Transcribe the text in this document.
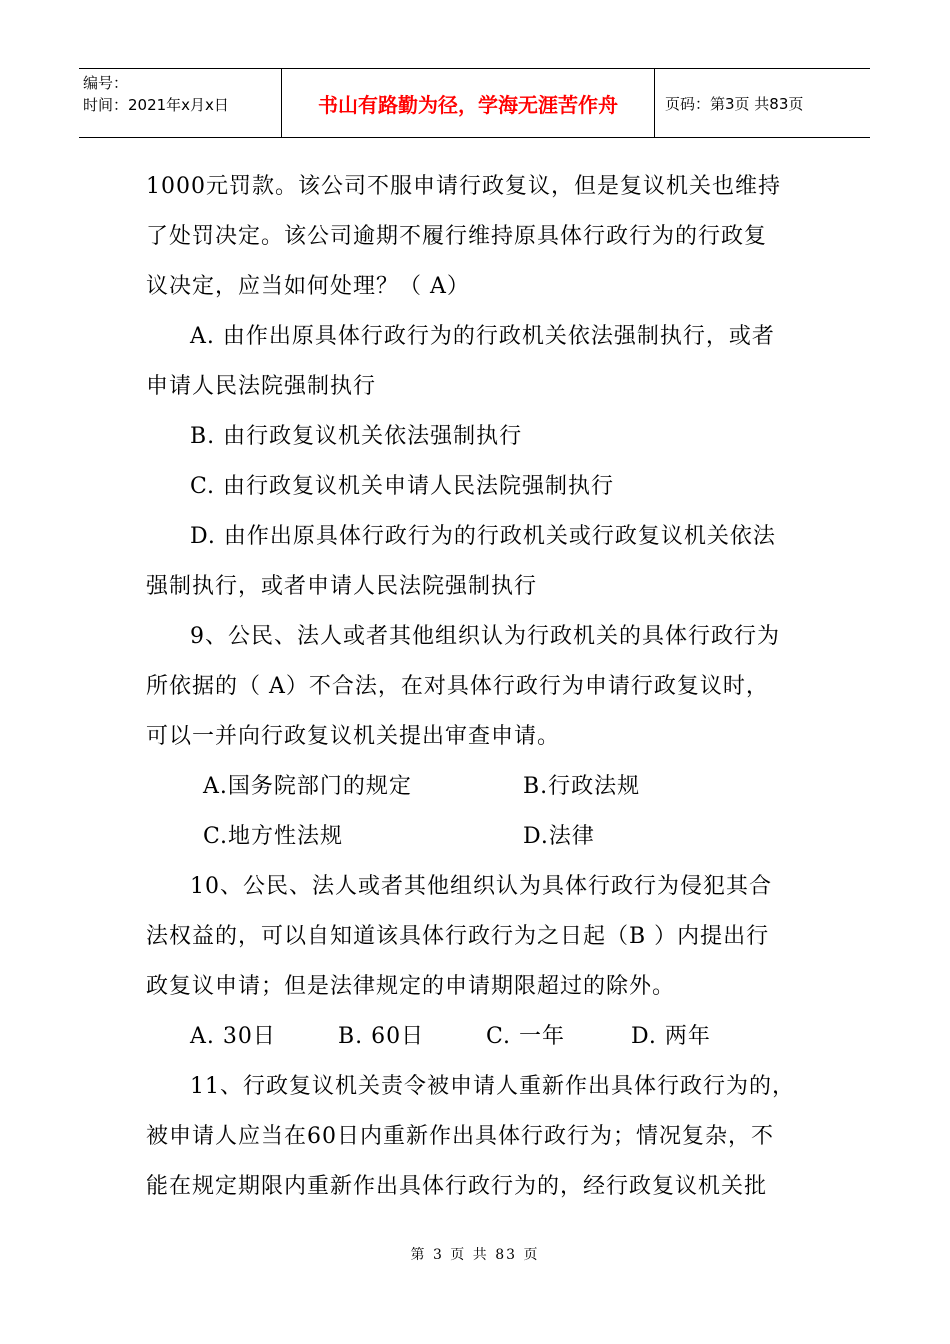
编号：
时间：2021年x月x日	书山有路勤为径，学海无涯苦作舟	页码：第3页 共83页
1000元罚款。该公司不服申请行政复议，但是复议机关也维持
了处罚决定。该公司逾期不履行维持原具体行政行为的行政复
议决定，应当如何处理？（ A）
A. 由作出原具体行政行为的行政机关依法强制执行，或者
申请人民法院强制执行
B. 由行政复议机关依法强制执行
C. 由行政复议机关申请人民法院强制执行
D. 由作出原具体行政行为的行政机关或行政复议机关依法
强制执行，或者申请人民法院强制执行
9、公民、法人或者其他组织认为行政机关的具体行政行为
所依据的（ A）不合法，在对具体行政行为申请行政复议时，
可以一并向行政复议机关提出审查申请。
A.国务院部门的规定	B.行政法规
C.地方性法规	D.法律
10、公民、法人或者其他组织认为具体行政行为侵犯其合
法权益的，可以自知道该具体行政行为之日起（B ）内提出行
政复议申请；但是法律规定的申请期限超过的除外。
A. 30日	B. 60日	C. 一年	D. 两年
11、行政复议机关责令被申请人重新作出具体行政行为的，
被申请人应当在60日内重新作出具体行政行为；情况复杂，不
能在规定期限内重新作出具体行政行为的，经行政复议机关批
第 3 页 共 83 页
